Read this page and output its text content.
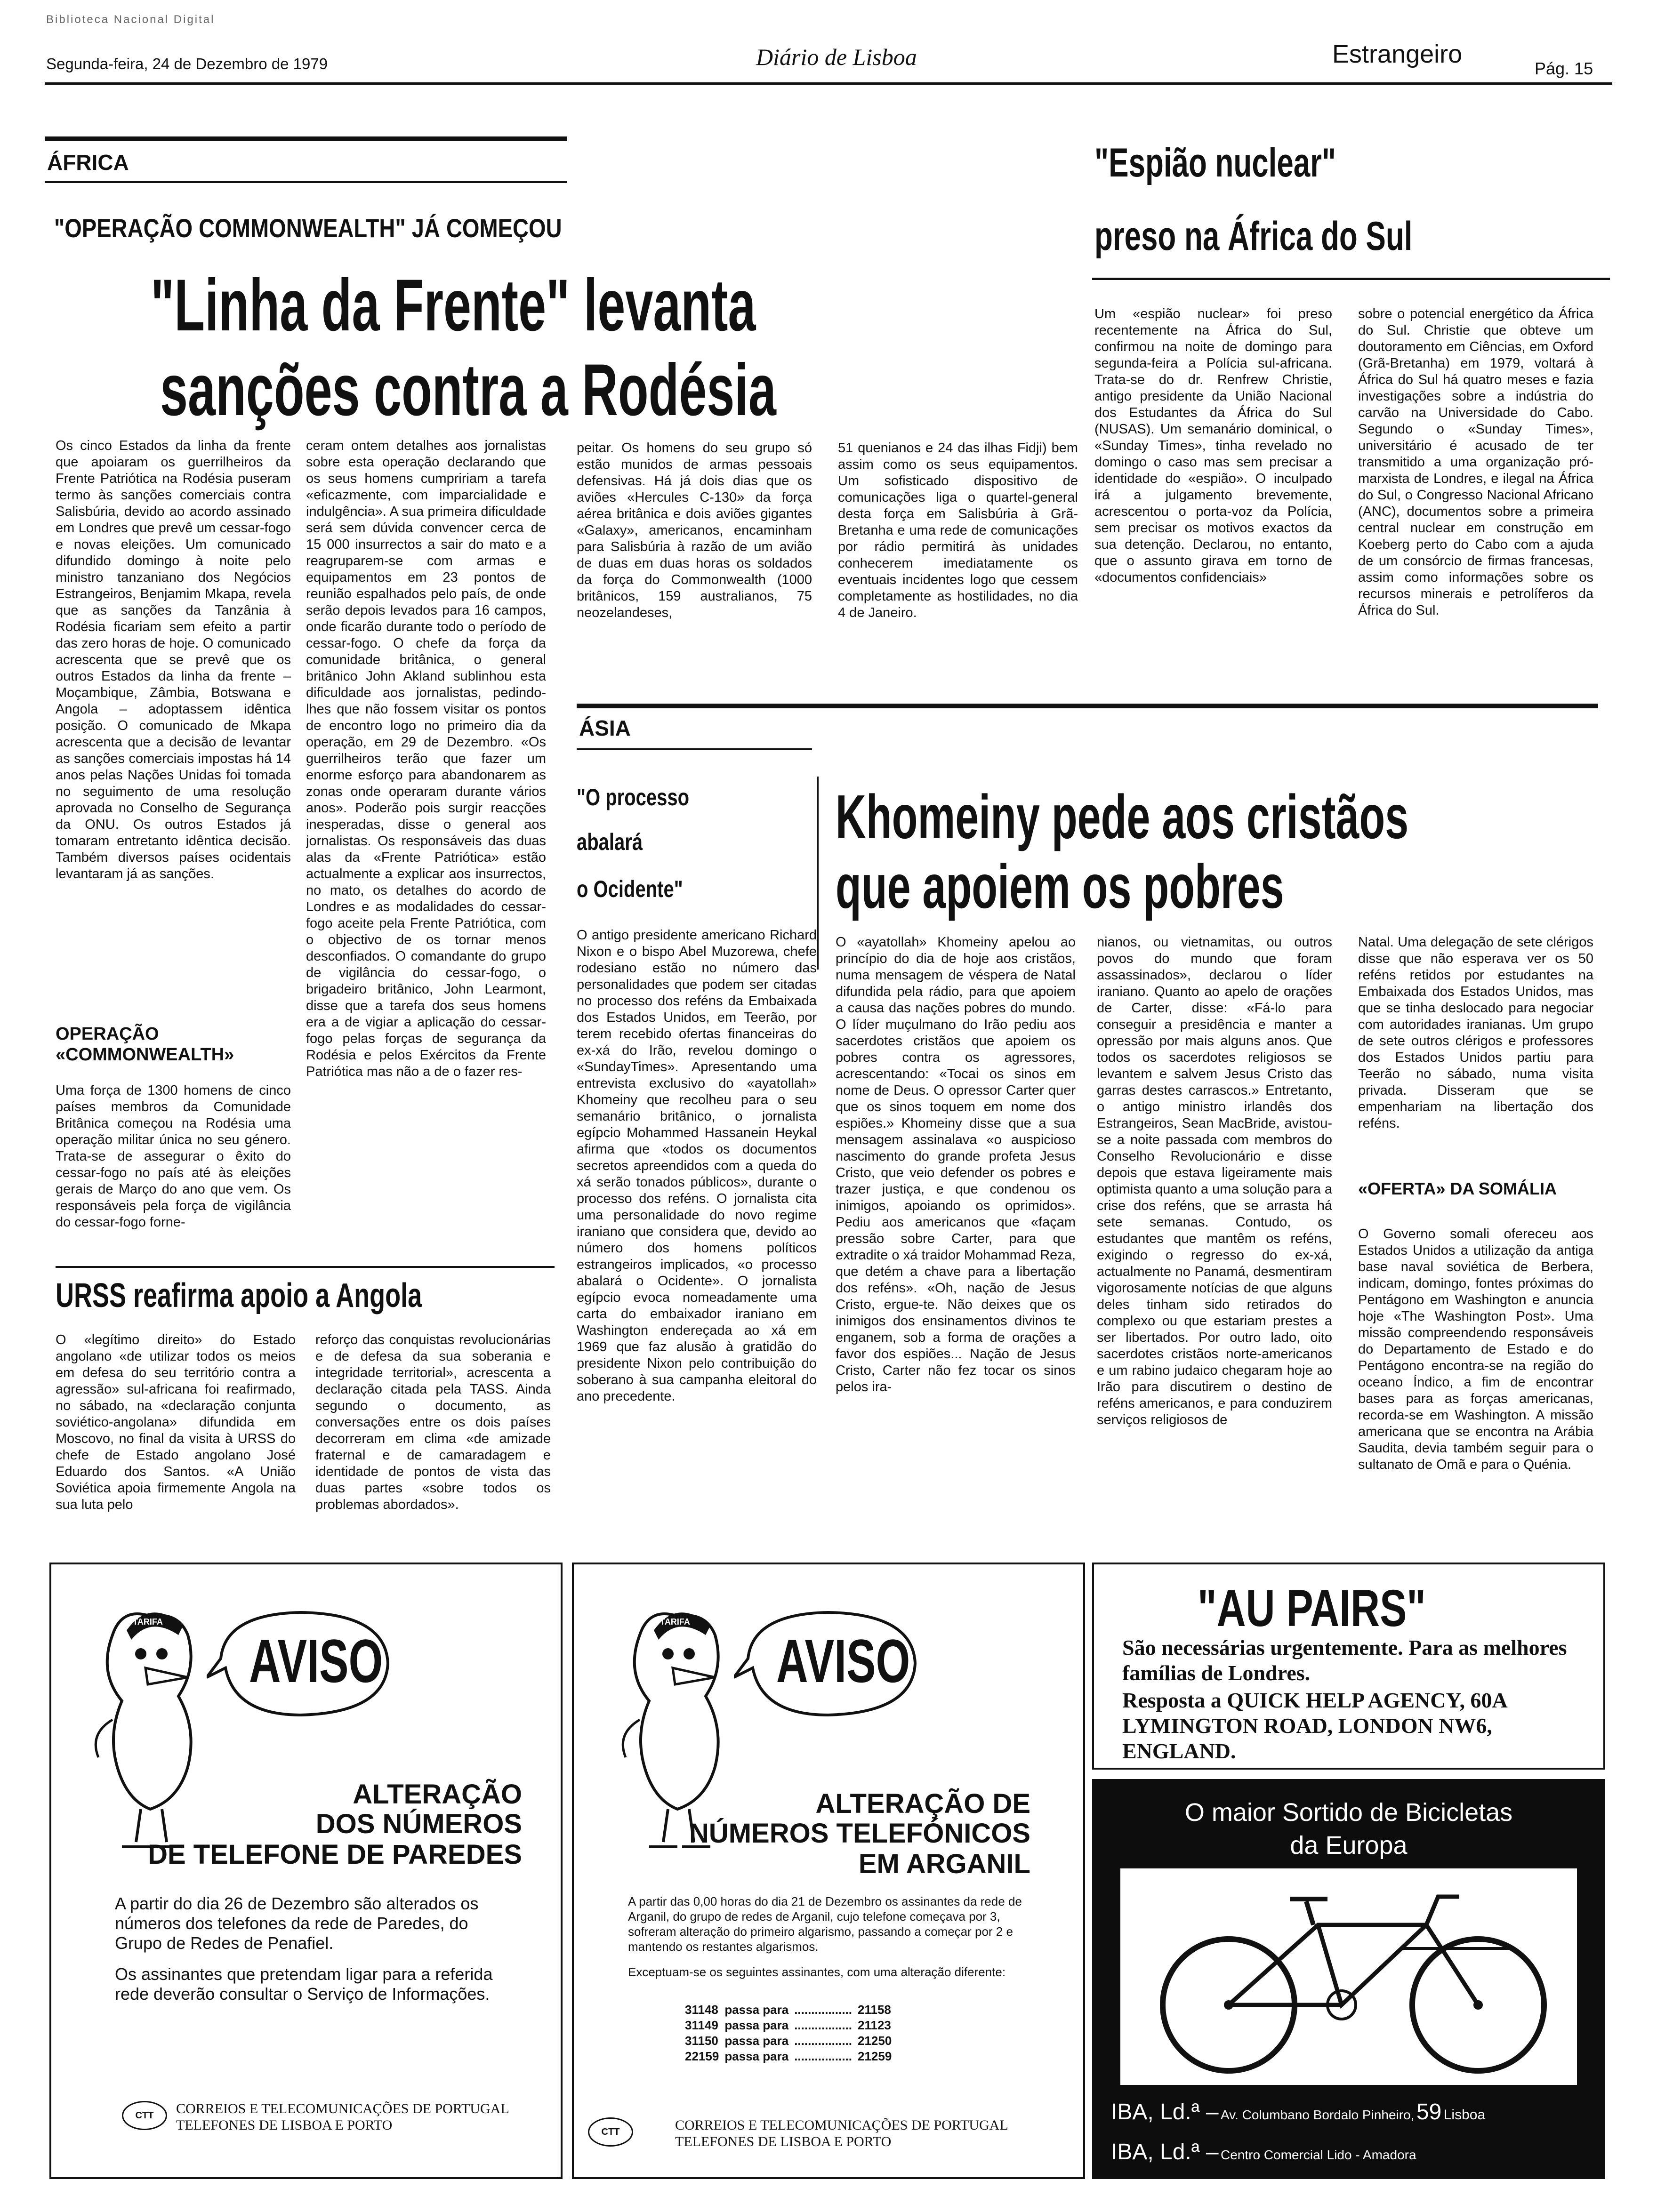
Biblioteca Nacional Digital
Segunda-feira, 24 de Dezembro de 1979	Diário de Lisboa	Estrangeiro
Pág. 15
ÁFRICA
"OPERAÇÃO COMMONWEALTH" JÁ COMEÇOU
"Linha da Frente" levanta
sanções contra a Rodésia
Os cinco Estados da linha da frente que apoiaram os guerrilheiros da Frente Patriótica na Rodésia puseram termo às sanções comerciais contra Salisbúria, devido ao acordo assinado em Londres que prevê um cessar-fogo e novas eleições. Um comunicado difundido domingo à noite pelo ministro tanzaniano dos Negócios Estrangeiros, Benjamim Mkapa, revela que as sanções da Tanzânia à Rodésia ficariam sem efeito a partir das zero horas de hoje. O comunicado acrescenta que se prevê que os outros Estados da linha da frente – Moçambique, Zâmbia, Botswana e Angola – adoptassem idêntica posição. O comunicado de Mkapa acrescenta que a decisão de levantar as sanções comerciais impostas há 14 anos pelas Nações Unidas foi tomada no seguimento de uma resolução aprovada no Conselho de Segurança da ONU. Os outros Estados já tomaram entretanto idêntica decisão. Também diversos países ocidentais levantaram já as sanções.
OPERAÇÃO «COMMONWEALTH»
Uma força de 1300 homens de cinco países membros da Comunidade Britânica começou na Rodésia uma operação militar única no seu género. Trata-se de assegurar o êxito do cessar-fogo no país até às eleições gerais de Março do ano que vem. Os responsáveis pela força de vigilância do cessar-fogo forne-
ceram ontem detalhes aos jornalistas sobre esta operação declarando que os seus homens cumpririam a tarefa «eficazmente, com imparcialidade e indulgência». A sua primeira dificuldade será sem dúvida convencer cerca de 15 000 insurrectos a sair do mato e a reagruparem-se com armas e equipamentos em 23 pontos de reunião espalhados pelo país, de onde serão depois levados para 16 campos, onde ficarão durante todo o período de cessar-fogo. O chefe da força da comunidade britânica, o general britânico John Akland sublinhou esta dificuldade aos jornalistas, pedindo-lhes que não fossem visitar os pontos de encontro logo no primeiro dia da operação, em 29 de Dezembro. «Os guerrilheiros terão que fazer um enorme esforço para abandonarem as zonas onde operaram durante vários anos». Poderão pois surgir reacções inesperadas, disse o general aos jornalistas. Os responsáveis das duas alas da «Frente Patriótica» estão actualmente a explicar aos insurrectos, no mato, os detalhes do acordo de Londres e as modalidades do cessar-fogo aceite pela Frente Patriótica, com o objectivo de os tornar menos desconfiados. O comandante do grupo de vigilância do cessar-fogo, o brigadeiro britânico, John Learmont, disse que a tarefa dos seus homens era a de vigiar a aplicação do cessar-fogo pelas forças de segurança da Rodésia e pelos Exércitos da Frente Patriótica mas não a de o fazer res-
peitar. Os homens do seu grupo só estão munidos de armas pessoais defensivas. Há já dois dias que os aviões «Hercules C-130» da força aérea britânica e dois aviões gigantes «Galaxy», americanos, encaminham para Salisbúria à razão de um avião de duas em duas horas os soldados da força do Commonwealth (1000 britânicos, 159 australianos, 75 neozelandeses,
51 quenianos e 24 das ilhas Fidji) bem assim como os seus equipamentos. Um sofisticado dispositivo de comunicações liga o quartel-general desta força em Salisbúria à Grã-Bretanha e uma rede de comunicações por rádio permitirá às unidades conhecerem imediatamente os eventuais incidentes logo que cessem completamente as hostilidades, no dia 4 de Janeiro.
"Espião nuclear"
preso na África do Sul
Um «espião nuclear» foi preso recentemente na África do Sul, confirmou na noite de domingo para segunda-feira a Polícia sul-africana. Trata-se do dr. Renfrew Christie, antigo presidente da União Nacional dos Estudantes da África do Sul (NUSAS). Um semanário dominical, o «Sunday Times», tinha revelado no domingo o caso mas sem precisar a identidade do «espião». O inculpado irá a julgamento brevemente, acrescentou o porta-voz da Polícia, sem precisar os motivos exactos da sua detenção. Declarou, no entanto, que o assunto girava em torno de «documentos confidenciais»
sobre o potencial energético da África do Sul. Christie que obteve um doutoramento em Ciências, em Oxford (Grã-Bretanha) em 1979, voltará à África do Sul há quatro meses e fazia investigações sobre a indústria do carvão na Universidade do Cabo. Segundo o «Sunday Times», universitário é acusado de ter transmitido a uma organização pró-marxista de Londres, e ilegal na África do Sul, o Congresso Nacional Africano (ANC), documentos sobre a primeira central nuclear em construção em Koeberg perto do Cabo com a ajuda de um consórcio de firmas francesas, assim como informações sobre os recursos minerais e petrolíferos da África do Sul.
URSS reafirma apoio a Angola
O «legítimo direito» do Estado angolano «de utilizar todos os meios em defesa do seu território contra a agressão» sul-africana foi reafirmado, no sábado, na «declaração conjunta soviético-angolana» difundida em Moscovo, no final da visita à URSS do chefe de Estado angolano José Eduardo dos Santos. «A União Soviética apoia firmemente Angola na sua luta pelo
reforço das conquistas revolucionárias e de defesa da sua soberania e integridade territorial», acrescenta a declaração citada pela TASS. Ainda segundo o documento, as conversações entre os dois países decorreram em clima «de amizade fraternal e de camaradagem e identidade de pontos de vista das duas partes «sobre todos os problemas abordados».
ÁSIA
"O processo
abalará
o Ocidente"
O antigo presidente americano Richard Nixon e o bispo Abel Muzorewa, chefe rodesiano estão no número das personalidades que podem ser citadas no processo dos reféns da Embaixada dos Estados Unidos, em Teerão, por terem recebido ofertas financeiras do ex-xá do Irão, revelou domingo o «SundayTimes». Apresentando uma entrevista exclusivo do «ayatollah» Khomeiny que recolheu para o seu semanário britânico, o jornalista egípcio Mohammed Hassanein Heykal afirma que «todos os documentos secretos apreendidos com a queda do xá serão tonados públicos», durante o processo dos reféns. O jornalista cita uma personalidade do novo regime iraniano que considera que, devido ao número dos homens políticos estrangeiros implicados, «o processo abalará o Ocidente». O jornalista egípcio evoca nomeadamente uma carta do embaixador iraniano em Washington endereçada ao xá em 1969 que faz alusão à gratidão do presidente Nixon pelo contribuição do soberano à sua campanha eleitoral do ano precedente.
Khomeiny pede aos cristãos
que apoiem os pobres
O «ayatollah» Khomeiny apelou ao princípio do dia de hoje aos cristãos, numa mensagem de véspera de Natal difundida pela rádio, para que apoiem a causa das nações pobres do mundo. O líder muçulmano do Irão pediu aos sacerdotes cristãos que apoiem os pobres contra os agressores, acrescentando: «Tocai os sinos em nome de Deus. O opressor Carter quer que os sinos toquem em nome dos espiões.» Khomeiny disse que a sua mensagem assinalava «o auspicioso nascimento do grande profeta Jesus Cristo, que veio defender os pobres e trazer justiça, e que condenou os inimigos, apoiando os oprimidos». Pediu aos americanos que «façam pressão sobre Carter, para que extradite o xá traidor Mohammad Reza, que detém a chave para a libertação dos reféns». «Oh, nação de Jesus Cristo, ergue-te. Não deixes que os inimigos dos ensinamentos divinos te enganem, sob a forma de orações a favor dos espiões... Nação de Jesus Cristo, Carter não fez tocar os sinos pelos ira-
nianos, ou vietnamitas, ou outros povos do mundo que foram assassinados», declarou o líder iraniano. Quanto ao apelo de orações de Carter, disse: «Fá-lo para conseguir a presidência e manter a opressão por mais alguns anos. Que todos os sacerdotes religiosos se levantem e salvem Jesus Cristo das garras destes carrascos.» Entretanto, o antigo ministro irlandês dos Estrangeiros, Sean MacBride, avistou-se a noite passada com membros do Conselho Revolucionário e disse depois que estava ligeiramente mais optimista quanto a uma solução para a crise dos reféns, que se arrasta há sete semanas. Contudo, os estudantes que mantêm os reféns, exigindo o regresso do ex-xá, actualmente no Panamá, desmentiram vigorosamente notícias de que alguns deles tinham sido retirados do complexo ou que estariam prestes a ser libertados. Por outro lado, oito sacerdotes cristãos norte-americanos e um rabino judaico chegaram hoje ao Irão para discutirem o destino de reféns americanos, e para conduzirem serviços religiosos de
Natal. Uma delegação de sete clérigos disse que não esperava ver os 50 reféns retidos por estudantes na Embaixada dos Estados Unidos, mas que se tinha deslocado para negociar com autoridades iranianas. Um grupo de sete outros clérigos e professores dos Estados Unidos partiu para Teerão no sábado, numa visita privada. Disseram que se empenhariam na libertação dos reféns.
«OFERTA» DA SOMÁLIA
O Governo somali ofereceu aos Estados Unidos a utilização da antiga base naval soviética de Berbera, indicam, domingo, fontes próximas do Pentágono em Washington e anuncia hoje «The Washington Post». Uma missão compreendendo responsáveis do Departamento de Estado e do Pentágono encontra-se na região do oceano Índico, a fim de encontrar bases para as forças americanas, recorda-se em Washington. A missão americana que se encontra na Arábia Saudita, devia também seguir para o sultanato de Omã e para o Quénia.
TARIFA
AVISO
ALTERAÇÃO
DOS NÚMEROS
DE TELEFONE DE PAREDES
A partir do dia 26 de Dezembro são alterados os números dos telefones da rede de Paredes, do Grupo de Redes de Penafiel.
Os assinantes que pretendam ligar para a referida rede deverão consultar o Serviço de Informações.
CTT	CORREIOS E TELECOMUNICAÇÕES DE PORTUGAL
TELEFONES DE LISBOA E PORTO
TARIFA
AVISO
ALTERAÇÃO DE
NÚMEROS TELEFÓNICOS
EM ARGANIL
A partir das 0,00 horas do dia 21 de Dezembro os assinantes da rede de Arganil, do grupo de redes de Arganil, cujo telefone começava por 3, sofreram alteração do primeiro algarismo, passando a começar por 2 e mantendo os restantes algarismos.
Exceptuam-se os seguintes assinantes, com uma alteração diferente:
31148	passa para	.................	21158
31149	passa para	.................	21123
31150	passa para	.................	21250
22159	passa para	.................	21259
CTT	CORREIOS E TELECOMUNICAÇÕES DE PORTUGAL
TELEFONES DE LISBOA E PORTO
"AU PAIRS"
São necessárias urgentemente. Para as melhores famílias de Londres.
Resposta a QUICK HELP AGENCY, 60A LYMINGTON ROAD, LONDON NW6, ENGLAND.
O maior Sortido de Bicicletas
da Europa
IBA, Ld.ª – Av. Columbano Bordalo Pinheiro, 59 Lisboa
IBA, Ld.ª – Centro Comercial Lido - Amadora
